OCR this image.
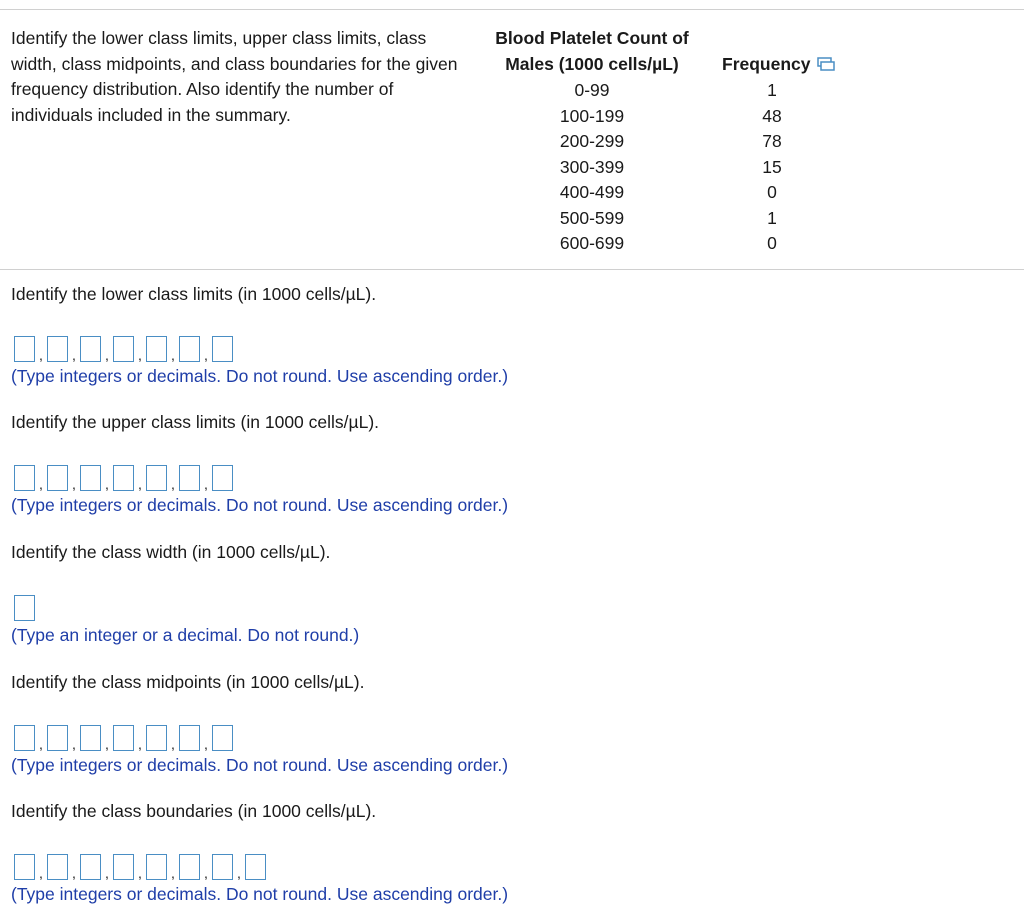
Identify the lower class limits, upper class limits, class width, class midpoints, and class boundaries for the given frequency distribution. Also identify the number of individuals included in the summary.
Blood Platelet Count of
Males (1000 cells/µL)	Frequency
0-99	1
100-199	48
200-299	78
300-399	15
400-499	0
500-599	1
600-699	0
Identify the lower class limits (in 1000 cells/µL).
, , , , , ,
(Type integers or decimals. Do not round. Use ascending order.)
Identify the upper class limits (in 1000 cells/µL).
, , , , , ,
(Type integers or decimals. Do not round. Use ascending order.)
Identify the class width (in 1000 cells/µL).
(Type an integer or a decimal. Do not round.)
Identify the class midpoints (in 1000 cells/µL).
, , , , , ,
(Type integers or decimals. Do not round. Use ascending order.)
Identify the class boundaries (in 1000 cells/µL).
, , , , , , ,
(Type integers or decimals. Do not round. Use ascending order.)
